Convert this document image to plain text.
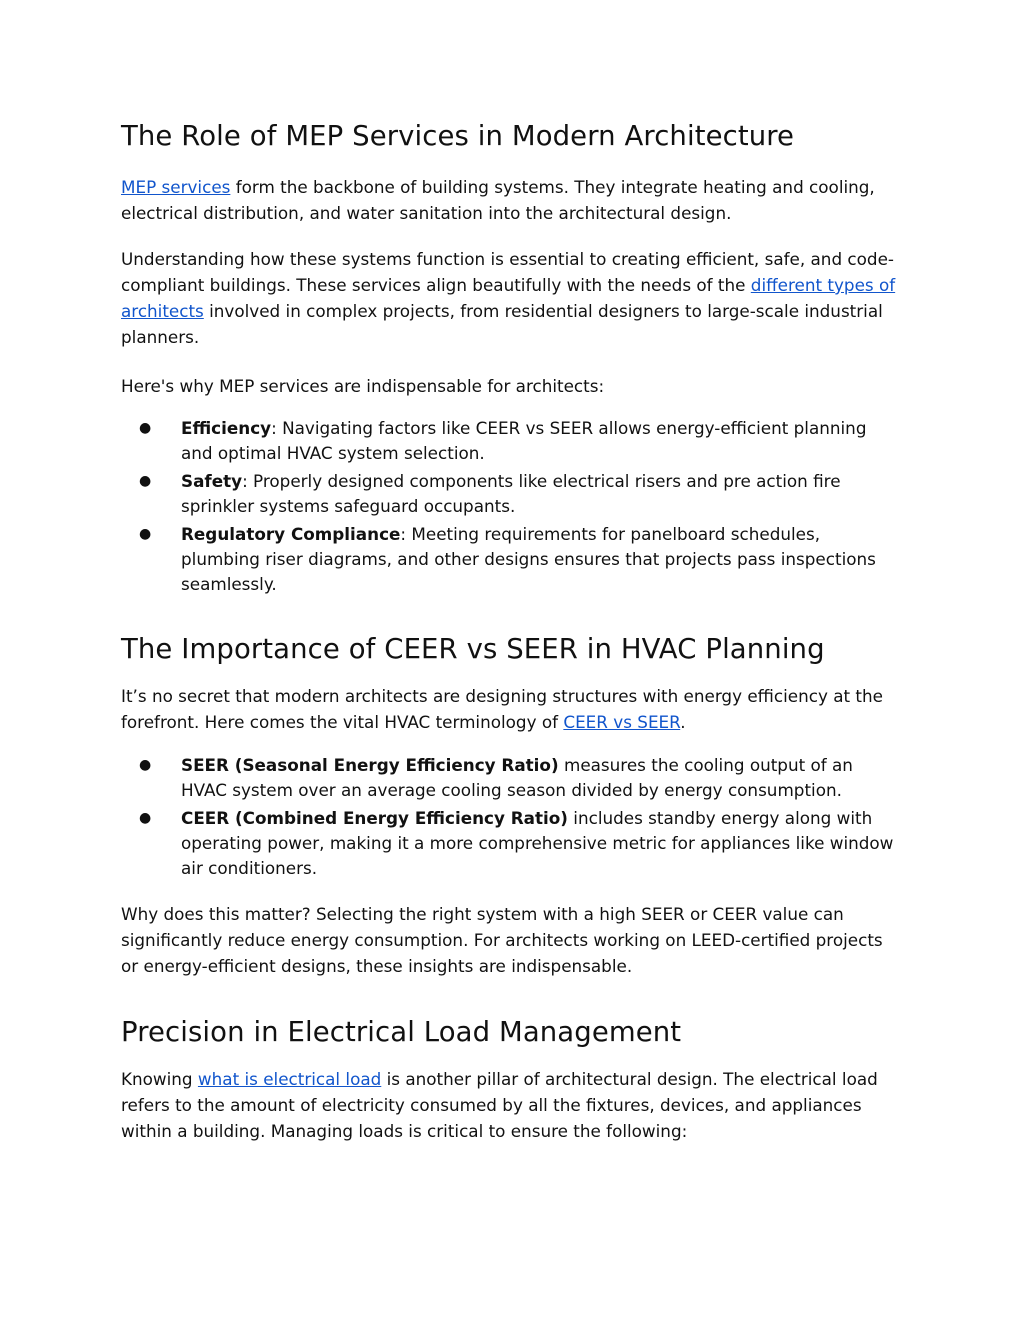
The Role of MEP Services in Modern Architecture

MEP services form the backbone of building systems. They integrate heating and cooling, electrical distribution, and water sanitation into the architectural design.

Understanding how these systems function is essential to creating efficient, safe, and code-compliant buildings. These services align beautifully with the needs of the different types of architects involved in complex projects, from residential designers to large-scale industrial planners.

Here's why MEP services are indispensable for architects:

● Efficiency: Navigating factors like CEER vs SEER allows energy-efficient planning and optimal HVAC system selection.
● Safety: Properly designed components like electrical risers and pre action fire sprinkler systems safeguard occupants.
● Regulatory Compliance: Meeting requirements for panelboard schedules, plumbing riser diagrams, and other designs ensures that projects pass inspections seamlessly.
The Importance of CEER vs SEER in HVAC Planning

It’s no secret that modern architects are designing structures with energy efficiency at the forefront. Here comes the vital HVAC terminology of CEER vs SEER.

● SEER (Seasonal Energy Efficiency Ratio) measures the cooling output of an HVAC system over an average cooling season divided by energy consumption.
● CEER (Combined Energy Efficiency Ratio) includes standby energy along with operating power, making it a more comprehensive metric for appliances like window air conditioners.

Why does this matter? Selecting the right system with a high SEER or CEER value can significantly reduce energy consumption. For architects working on LEED-certified projects or energy-efficient designs, these insights are indispensable.

Precision in Electrical Load Management

Knowing what is electrical load is another pillar of architectural design. The electrical load refers to the amount of electricity consumed by all the fixtures, devices, and appliances within a building. Managing loads is critical to ensure the following:
